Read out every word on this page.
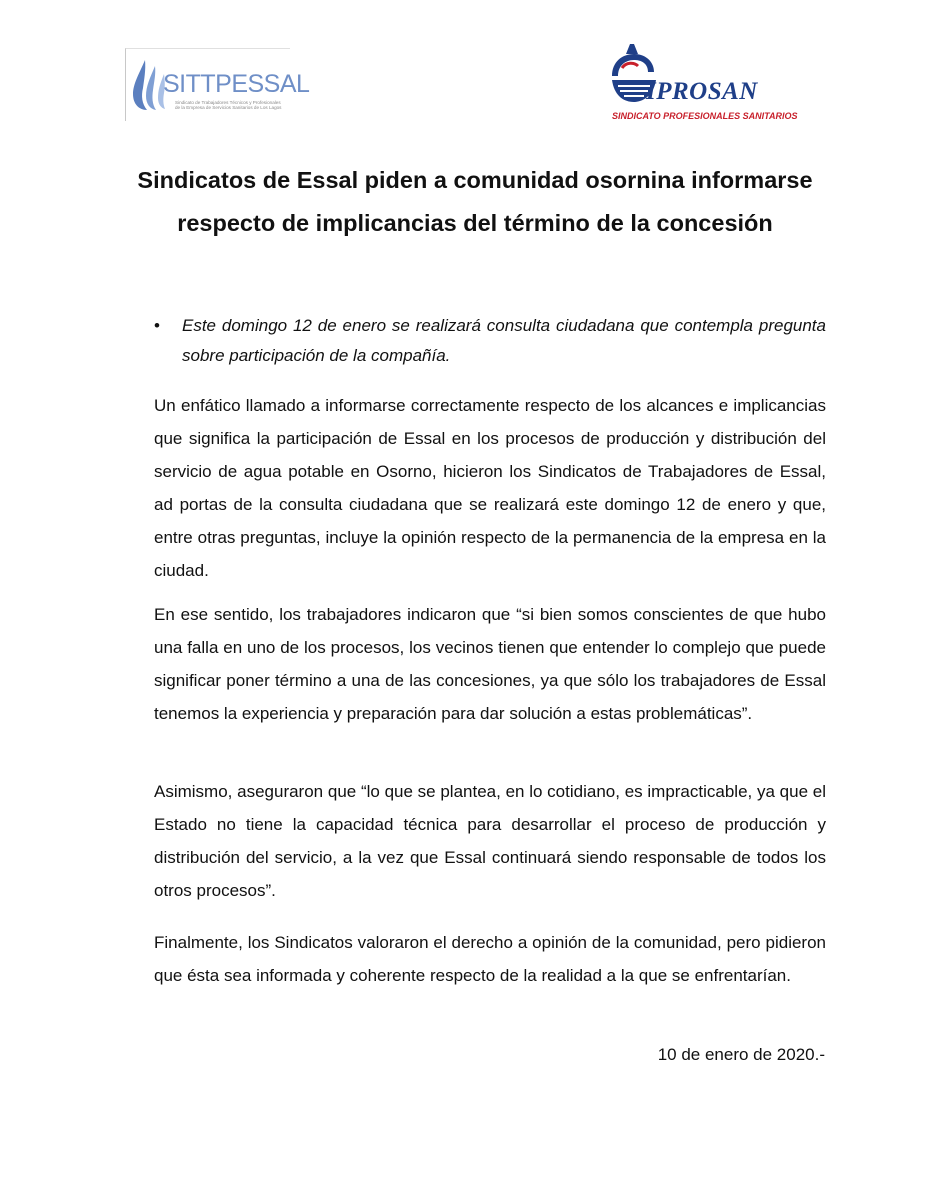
SITTPESSAL
Sindicato de Trabajadores Técnicos y Profesionales de la Empresa de Servicios Sanitarios de Los Lagos
IPROSAN
SINDICATO PROFESIONALES SANITARIOS
Sindicatos de Essal piden a comunidad osornina informarse respecto de implicancias del término de la concesión
• Este domingo 12 de enero se realizará consulta ciudadana que contempla pregunta sobre participación de la compañía.

Un enfático llamado a informarse correctamente respecto de los alcances e implicancias que significa la participación de Essal en los procesos de producción y distribución del servicio de agua potable en Osorno, hicieron los Sindicatos de Trabajadores de Essal, ad portas de la consulta ciudadana que se realizará este domingo 12 de enero y que, entre otras preguntas, incluye la opinión respecto de la permanencia de la empresa en la ciudad.

En ese sentido, los trabajadores indicaron que “si bien somos conscientes de que hubo una falla en uno de los procesos, los vecinos tienen que entender lo complejo que puede significar poner término a una de las concesiones, ya que sólo los trabajadores de Essal tenemos la experiencia y preparación para dar solución a estas problemáticas”.

Asimismo, aseguraron que “lo que se plantea, en lo cotidiano, es impracticable, ya que el Estado no tiene la capacidad técnica para desarrollar el proceso de producción y distribución del servicio, a la vez que Essal continuará siendo responsable de todos los otros procesos”.

Finalmente, los Sindicatos valoraron el derecho a opinión de la comunidad, pero pidieron que ésta sea informada y coherente respecto de la realidad a la que se enfrentarían.

10 de enero de 2020.-
